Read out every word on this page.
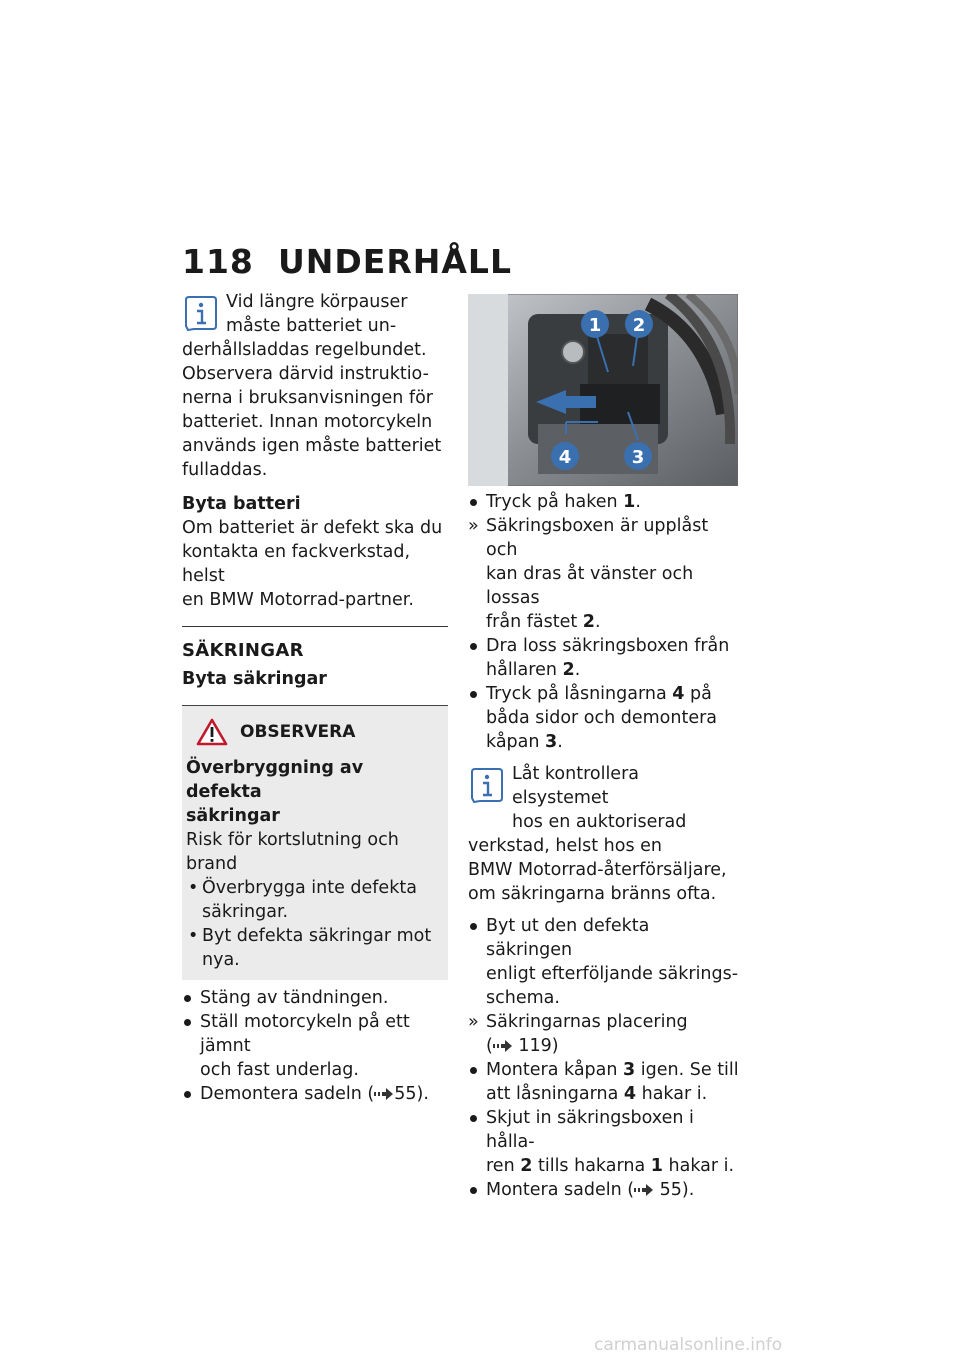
118 UNDERHÅLL
Vid längre körpauser
måste batteriet un-
derhållsladdas regelbundet.
Observera därvid instruktio-
nerna i bruksanvisningen för
batteriet. Innan motorcykeln
används igen måste batteriet
fulladdas.
Byta batteri
Om batteriet är defekt ska du
kontakta en fackverkstad, helst
en BMW Motorrad-partner.
SÄKRINGAR
Byta säkringar
OBSERVERA
Överbryggning av defekta
säkringar
Risk för kortslutning och
brand
• Överbrygga inte defekta
säkringar.
• Byt defekta säkringar mot
nya.
Stäng av tändningen.
Ställ motorcykeln på ett jämnt
och fast underlag.
Demontera sadeln ( 55).
1 2
3
4
Tryck på haken 1.
» Säkringsboxen är upplåst och
kan dras åt vänster och lossas
från fästet 2.
Dra loss säkringsboxen från
hållaren 2.
Tryck på låsningarna 4 på
båda sidor och demontera
kåpan 3.
Låt kontrollera elsystemet
hos en auktoriserad
verkstad, helst hos en
BMW Motorrad-återförsäljare,
om säkringarna bränns ofta.
Byt ut den defekta säkringen
enligt efterföljande säkrings-
schema.
» Säkringarnas placering
( 119)
Montera kåpan 3 igen. Se till
att låsningarna 4 hakar i.
Skjut in säkringsboxen i hålla-
ren 2 tills hakarna 1 hakar i.
Montera sadeln ( 55).
carmanualsonline.info
